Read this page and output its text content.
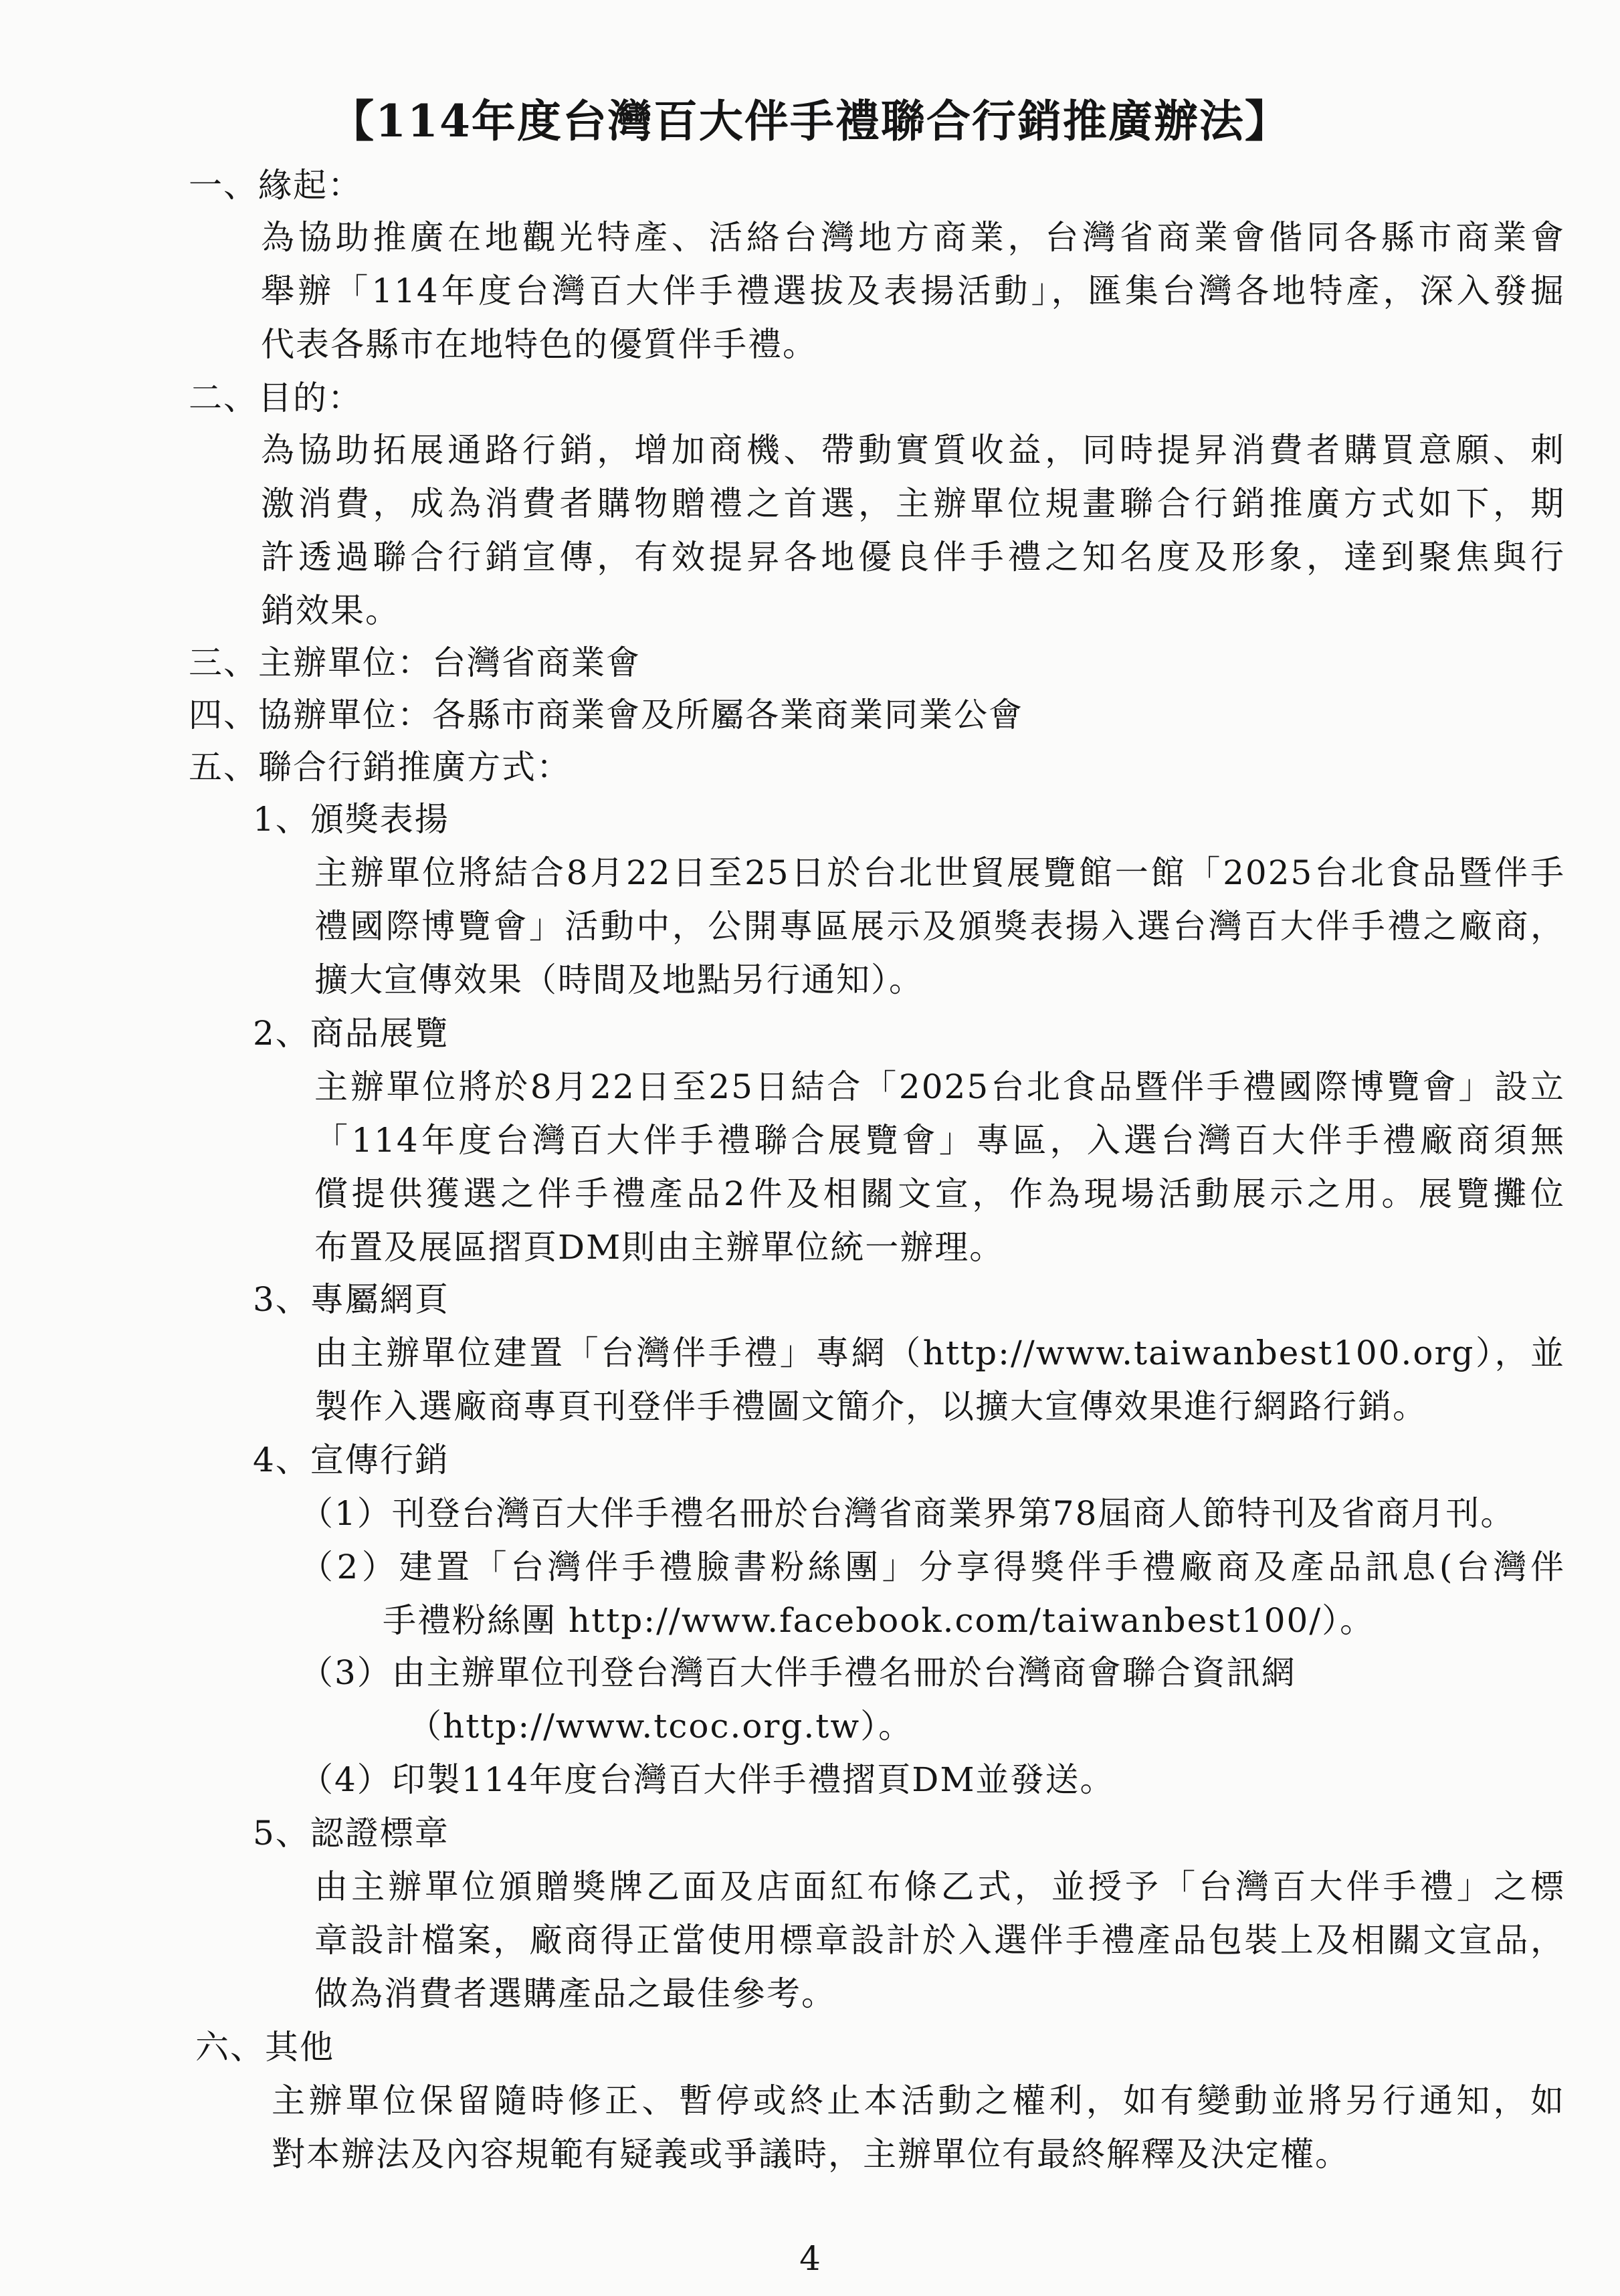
【114年度台灣百大伴手禮聯合行銷推廣辦法】
一、緣起：
為協助推廣在地觀光特產、活絡台灣地方商業，台灣省商業會偕同各縣市商業會
舉辦「114年度台灣百大伴手禮選拔及表揚活動」，匯集台灣各地特產，深入發掘
代表各縣市在地特色的優質伴手禮。
二、目的：
為協助拓展通路行銷，增加商機、帶動實質收益，同時提昇消費者購買意願、刺
激消費，成為消費者購物贈禮之首選，主辦單位規畫聯合行銷推廣方式如下，期
許透過聯合行銷宣傳，有效提昇各地優良伴手禮之知名度及形象，達到聚焦與行
銷效果。
三、主辦單位：台灣省商業會
四、協辦單位：各縣市商業會及所屬各業商業同業公會
五、聯合行銷推廣方式：
1、頒獎表揚
主辦單位將結合8月22日至25日於台北世貿展覽館一館「2025台北食品暨伴手
禮國際博覽會」活動中，公開專區展示及頒獎表揚入選台灣百大伴手禮之廠商，
擴大宣傳效果（時間及地點另行通知）。
2、商品展覽
主辦單位將於8月22日至25日結合「2025台北食品暨伴手禮國際博覽會」設立
「114年度台灣百大伴手禮聯合展覽會」專區，入選台灣百大伴手禮廠商須無
償提供獲選之伴手禮產品2件及相關文宣，作為現場活動展示之用。展覽攤位
布置及展區摺頁DM則由主辦單位統一辦理。
3、專屬網頁
由主辦單位建置「台灣伴手禮」專網（http://www.taiwanbest100.org），並
製作入選廠商專頁刊登伴手禮圖文簡介，以擴大宣傳效果進行網路行銷。
4、宣傳行銷
（1）刊登台灣百大伴手禮名冊於台灣省商業界第78屆商人節特刊及省商月刊。
（2）建置「台灣伴手禮臉書粉絲團」分享得獎伴手禮廠商及產品訊息(台灣伴
手禮粉絲團 http://www.facebook.com/taiwanbest100/）。
（3）由主辦單位刊登台灣百大伴手禮名冊於台灣商會聯合資訊網
（http://www.tcoc.org.tw）。
（4）印製114年度台灣百大伴手禮摺頁DM並發送。
5、認證標章
由主辦單位頒贈獎牌乙面及店面紅布條乙式，並授予「台灣百大伴手禮」之標
章設計檔案，廠商得正當使用標章設計於入選伴手禮產品包裝上及相關文宣品，
做為消費者選購產品之最佳參考。
六、其他
主辦單位保留隨時修正、暫停或終止本活動之權利，如有變動並將另行通知，如
對本辦法及內容規範有疑義或爭議時，主辦單位有最終解釋及決定權。
4
